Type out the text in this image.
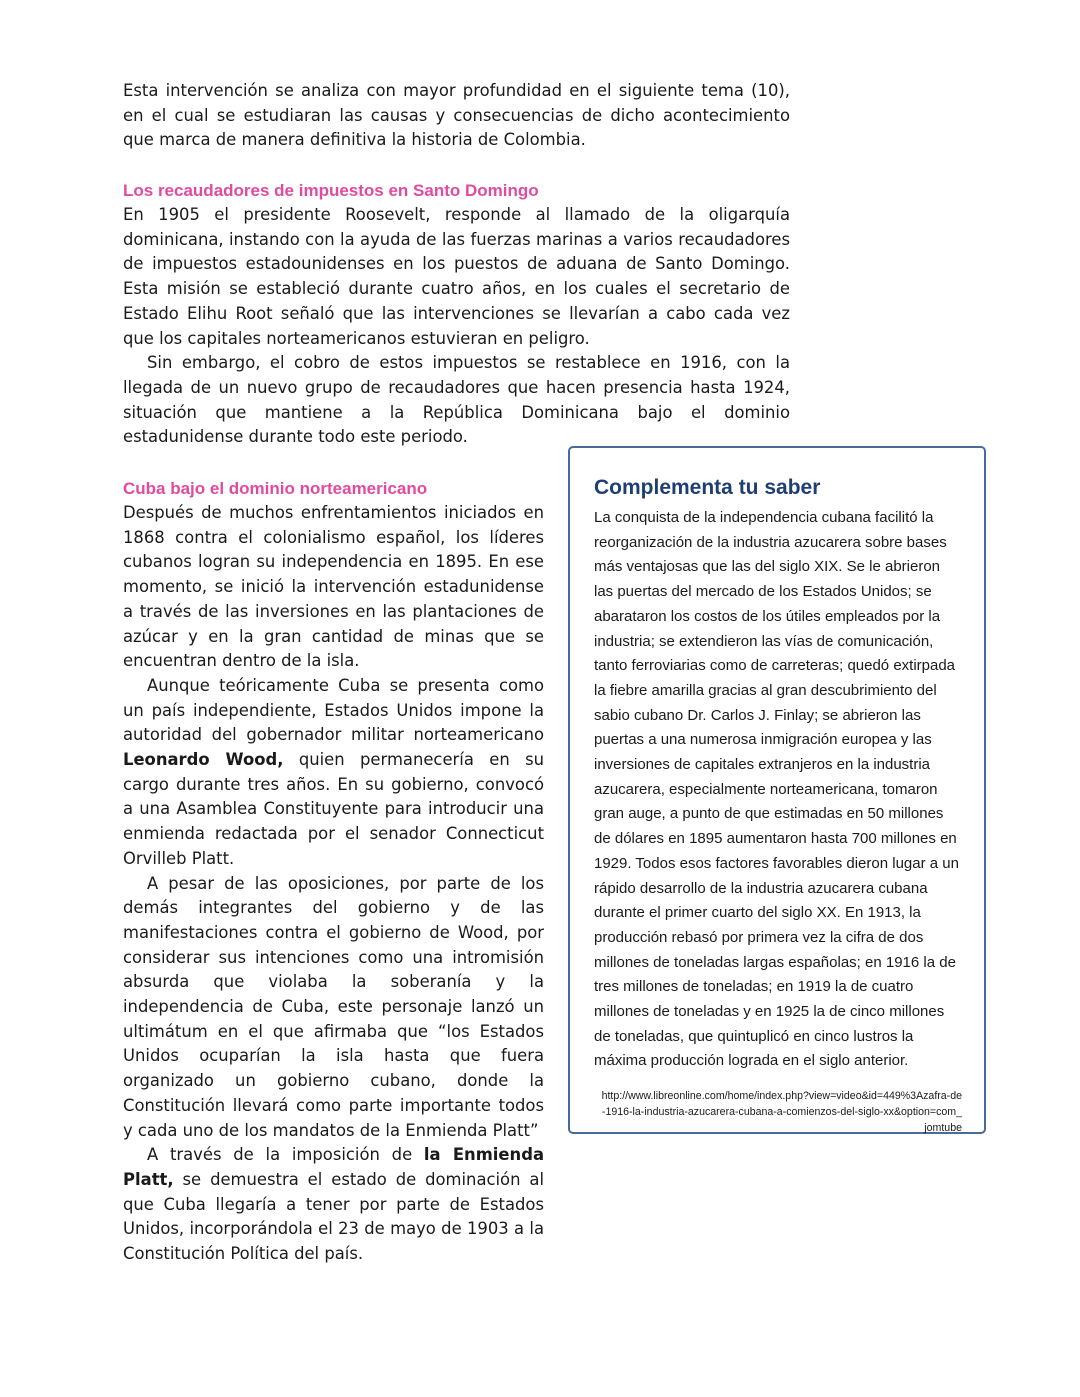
Esta intervención se analiza con mayor profundidad en el siguiente tema (10), en el cual se estudiaran las causas y consecuencias de dicho acontecimiento que marca de manera definitiva la historia de Colombia.

Los recaudadores de impuestos en Santo Domingo

En 1905 el presidente Roosevelt, responde al llamado de la oligarquía dominicana, instando con la ayuda de las fuerzas marinas a varios recaudadores de impuestos estadounidenses en los puestos de aduana de Santo Domingo. Esta misión se estableció durante cuatro años, en los cuales el secretario de Estado Elihu Root señaló que las intervenciones se llevarían a cabo cada vez que los capitales norteamericanos estuvieran en peligro.

Sin embargo, el cobro de estos impuestos se restablece en 1916, con la llegada de un nuevo grupo de recaudadores que hacen presencia hasta 1924, situación que mantiene a la República Dominicana bajo el dominio estadunidense durante todo este periodo.

Cuba bajo el dominio norteamericano

Después de muchos enfrentamientos iniciados en 1868 contra el colonialismo español, los líderes cubanos logran su independencia en 1895. En ese momento, se inició la intervención estadunidense a través de las inversiones en las plantaciones de azúcar y en la gran cantidad de minas que se encuentran dentro de la isla.

Aunque teóricamente Cuba se presenta como un país independiente, Estados Unidos impone la autoridad del gobernador militar norteamericano Leonardo Wood, quien permanecería en su cargo durante tres años. En su gobierno, convocó a una Asamblea Constituyente para introducir una enmienda redactada por el senador Connecticut Orvilleb Platt.

A pesar de las oposiciones, por parte de los demás integrantes del gobierno y de las manifestaciones contra el gobierno de Wood, por considerar sus intenciones como una intromisión absurda que violaba la soberanía y la independencia de Cuba, este personaje lanzó un ultimátum en el que afirmaba que “los Estados Unidos ocuparían la isla hasta que fuera organizado un gobierno cubano, donde la Constitución llevará como parte importante todos y cada uno de los mandatos de la Enmienda Platt”

A través de la imposición de la Enmienda Platt, se demuestra el estado de dominación al que Cuba llegaría a tener por parte de Estados Unidos, incorporándola el 23 de mayo de 1903 a la Constitución Política del país.

Complementa tu saber

La conquista de la independencia cubana facilitó la reorganización de la industria azucarera sobre bases más ventajosas que las del siglo XIX. Se le abrieron las puertas del mercado de los Estados Unidos; se abarataron los costos de los útiles empleados por la industria; se extendieron las vías de comunicación, tanto ferroviarias como de carreteras; quedó extirpada la fiebre amarilla gracias al gran descubrimiento del sabio cubano Dr. Carlos J. Finlay; se abrieron las puertas a una numerosa inmigración europea y las inversiones de capitales extranjeros en la industria azucarera, especialmente norteamericana, tomaron gran auge, a punto de que estimadas en 50 millones de dólares en 1895 aumentaron hasta 700 millones en 1929. Todos esos factores favorables dieron lugar a un rápido desarrollo de la industria azucarera cubana durante el primer cuarto del siglo XX. En 1913, la producción rebasó por primera vez la cifra de dos millones de toneladas largas españolas; en 1916 la de tres millones de toneladas; en 1919 la de cuatro millones de toneladas y en 1925 la de cinco millones de toneladas, que quintuplicó en cinco lustros la máxima producción lograda en el siglo anterior.

http://www.libreonline.com/home/index.php?view=video&id=449%3Azafra-de-1916-la-industria-azucarera-cubana-a-comienzos-del-siglo-xx&option=com_jomtube
